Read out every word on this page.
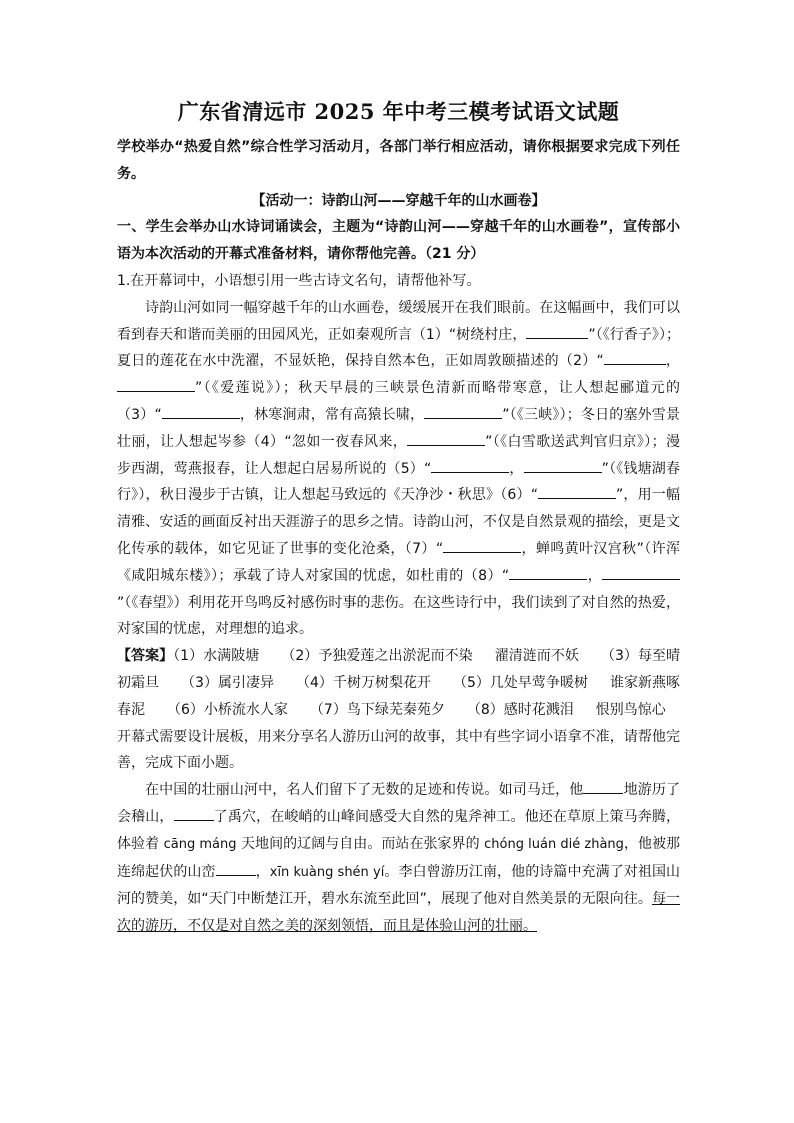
广东省清远市 2025 年中考三模考试语文试题

学校举办“热爱自然”综合性学习活动月，各部门举行相应活动，请你根据要求完成下列任务。

【活动一：诗韵山河——穿越千年的山水画卷】

一、学生会举办山水诗词诵读会，主题为“诗韵山河——穿越千年的山水画卷”，宣传部小语为本次活动的开幕式准备材料，请你帮他完善。（21 分）

1.在开幕词中，小语想引用一些古诗文名句，请帮他补写。

诗韵山河如同一幅穿越千年的山水画卷，缓缓展开在我们眼前。在这幅画中，我们可以看到春天和谐而美丽的田园风光，正如秦观所言（1）“树绕村庄，	”（《行香子》）；夏日的莲花在水中洗濯，不显妖艳，保持自然本色，正如周敦颐描述的（2）“	，”（《爱莲说》）；秋天早晨的三峡景色清新而略带寒意，让人想起郦道元的（3）“	，林寒涧肃，常有高猿长啸，	”（《三峡》）；冬日的塞外雪景壮丽，让人想起岑参（4）“忽如一夜春风来，	”（《白雪歌送武判官归京》）；漫步西湖，莺燕报春，让人想起白居易所说的（5）“	，	”（《钱塘湖春行》），秋日漫步于古镇，让人想起马致远的《天净沙・秋思》（6）“	”，用一幅清雅、安适的画面反衬出天涯游子的思乡之情。诗韵山河，不仅是自然景观的描绘，更是文化传承的载体，如它见证了世事的变化沧桑，（7）“	，蝉鸣黄叶汉宫秋”（许浑《咸阳城东楼》）；承载了诗人对家国的忧虑，如杜甫的（8）“	，”（《春望》）利用花开鸟鸣反衬感伤时事的悲伤。在这些诗行中，我们读到了对自然的热爱，对家国的忧虑，对理想的追求。

【答案】（1）水满陂塘 （2）予独爱莲之出淤泥而不染 濯清涟而不妖 （3）每至晴初霜旦 （3）属引凄异 （4）千树万树梨花开 （5）几处早莺争暖树 谁家新燕啄春泥 （6）小桥流水人家 （7）鸟下绿芜秦苑夕 （8）感时花溅泪 恨别鸟惊心

开幕式需要设计展板，用来分享名人游历山河的故事，其中有些字词小语拿不准，请帮他完善，完成下面小题。

在中国的壮丽山河中，名人们留下了无数的足迹和传说。如司马迁，他	地游历了会稽山，	了禹穴，在峻峭的山峰间感受大自然的鬼斧神工。他还在草原上策马奔腾，体验着 cāng máng 天地间的辽阔与自由。而站在张家界的 chóng luán dié zhàng，他被那连绵起伏的山峦	，xīn kuàng shén yí。李白曾游历江南，他的诗篇中充满了对祖国山河的赞美，如“天门中断楚江开，碧水东流至此回”，展现了他对自然美景的无限向往。每一次的游历，不仅是对自然之美的深刻领悟，而且是体验山河的壮丽。
